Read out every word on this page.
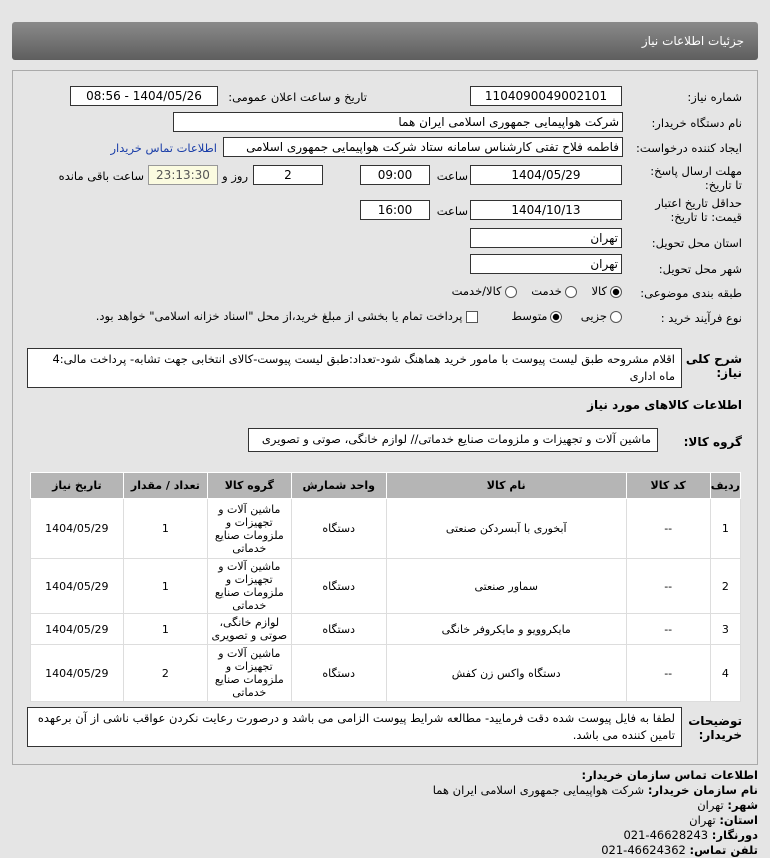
جزئیات اطلاعات نیاز
شماره نیاز:
1104090049002101
تاریخ و ساعت اعلان عمومی:
1404/05/26 - 08:56
نام دستگاه خریدار:
شرکت هواپیمایی جمهوری اسلامی ایران هما
ایجاد کننده درخواست:
فاطمه فلاح تفتی کارشناس سامانه ستاد شرکت هواپیمایی جمهوری اسلامی
اطلاعات تماس خریدار
مهلت ارسال پاسخ: تا تاریخ:
1404/05/29
ساعت
09:00
2
روز و
23:13:30
ساعت باقی مانده
حداقل تاریخ اعتبار قیمت: تا تاریخ:
1404/10/13
ساعت
16:00
استان محل تحویل:
تهران
شهر محل تحویل:
تهران
طبقه بندی موضوعی:
کالا    خدمت    کالا/خدمت
نوع فرآیند خرید :
جزیی     متوسط         پرداخت تمام یا بخشی از مبلغ خرید،از محل "اسناد خزانه اسلامی" خواهد بود.
شرح کلی نیاز:
اقلام مشروحه طبق لیست پیوست با مامور خرید هماهنگ شود-تعداد:طبق لیست پیوست-کالای انتخابی جهت تشابه- پرداخت مالی:4 ماه اداری
اطلاعات کالاهای مورد نیاز
گروه کالا:
ماشین آلات و تجهیزات و ملزومات صنایع خدماتی// لوازم خانگی، صوتی و تصویری
ردیف	کد کالا	نام کالا	واحد شمارش	گروه کالا	تعداد / مقدار	تاریخ نیاز
1	--	آبخوری با آبسردکن صنعتی	دستگاه	ماشین آلات و تجهیزات و ملزومات صنایع خدماتی	1	1404/05/29
2	--	سماور صنعتی	دستگاه	ماشین آلات و تجهیزات و ملزومات صنایع خدماتی	1	1404/05/29
3	--	مایکروویو و مایکروفر خانگی	دستگاه	لوازم خانگی، صوتی و تصویری	1	1404/05/29
4	--	دستگاه واکس زن کفش	دستگاه	ماشین آلات و تجهیزات و ملزومات صنایع خدماتی	2	1404/05/29
توضیحات خریدار:
لطفا به فایل پیوست شده دقت فرمایید- مطالعه شرایط پیوست الزامی می باشد و درصورت رعایت نکردن عواقب ناشی از آن برعهده تامین کننده می باشد.
اطلاعات تماس سازمان خریدار:
نام سازمان خریدار: شرکت هواپیمایی جمهوری اسلامی ایران هما
شهر: تهران
استان: تهران
دورنگار: 46628243-021
تلفن تماس: 46624362-021
